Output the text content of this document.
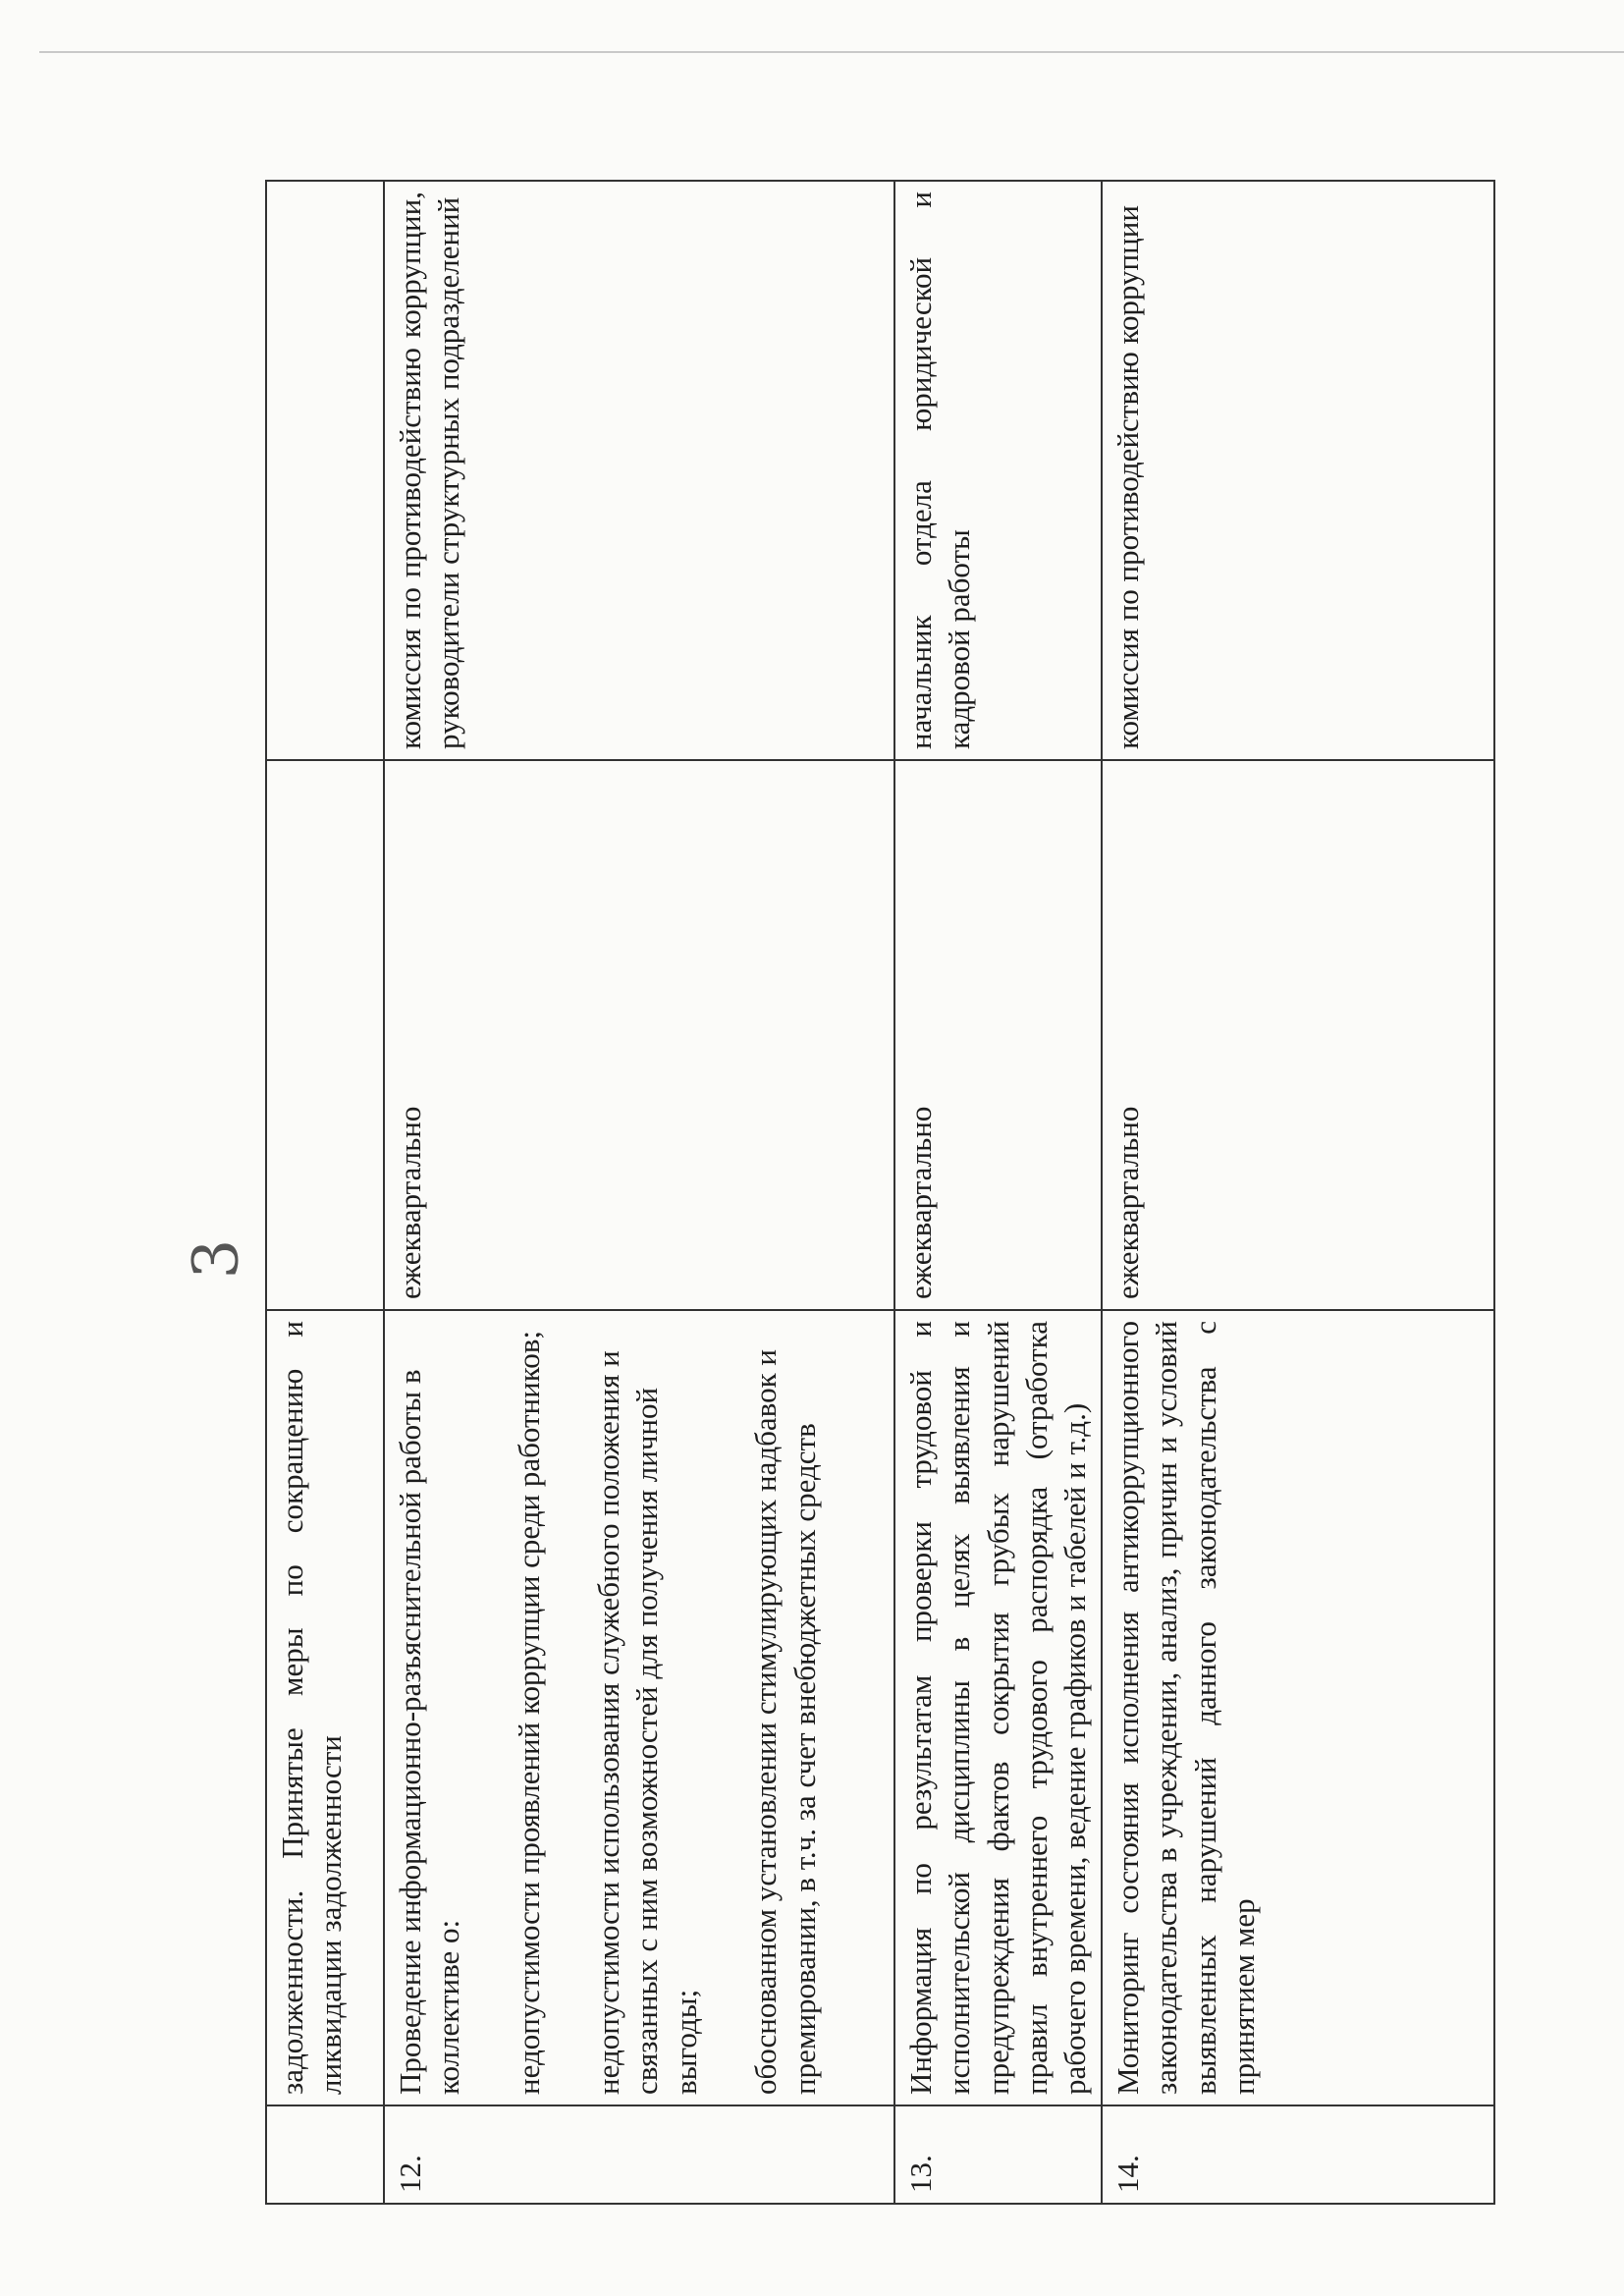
3

	задолженности. Принятые меры по сокращению и ликвидации задолженности		

12.	Проведение информационно-разъяснительной работы в коллективе о: недопустимости проявлений коррупции среди работников; недопустимости использования служебного положения и связанных с ним возможностей для получения личной выгоды; обоснованном установлении стимулирующих надбавок и премировании, в т.ч. за счет внебюджетных средств	ежеквартально	комиссия по противодействию коррупции, руководители структурных подразделений
13.	Информация по результатам проверки трудовой и исполнительской дисциплины в целях выявления и предупреждения фактов сокрытия грубых нарушений правил внутреннего трудового распорядка (отработка рабочего времени, ведение графиков и табелей и т.д.)	ежеквартально	начальник отдела юридической и кадровой работы
14.	Мониторинг состояния исполнения антикоррупционного законодательства в учреждении, анализ, причин и условий выявленных нарушений данного законодательства с принятием мер	ежеквартально	комиссия по противодействию коррупции
